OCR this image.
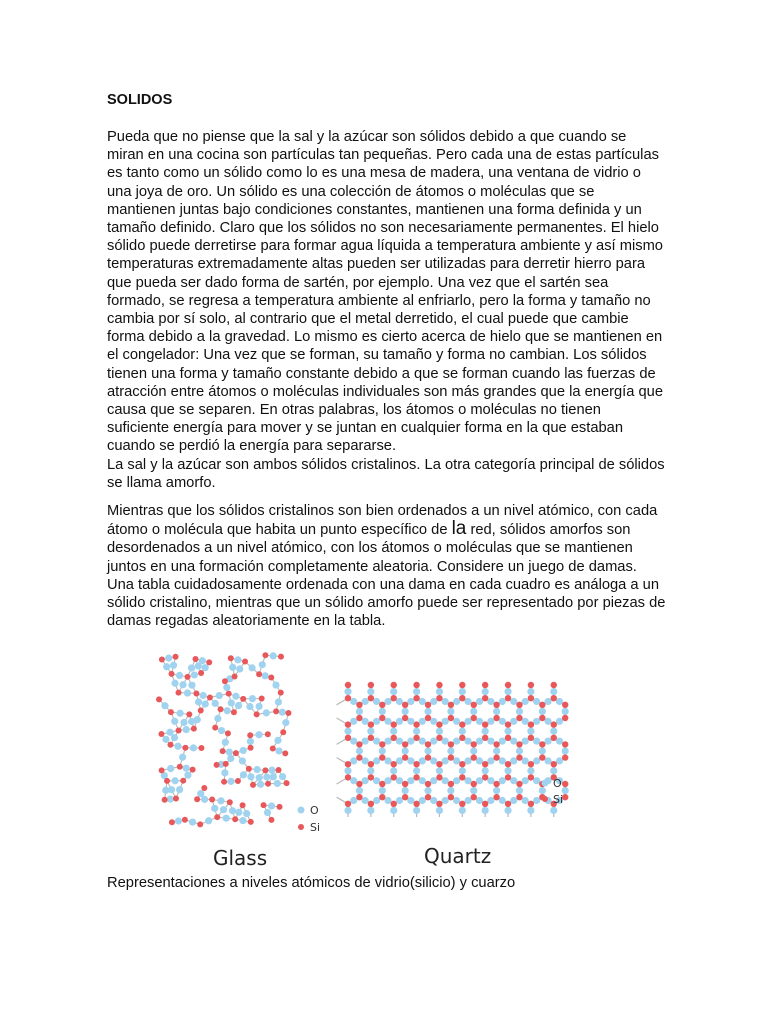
SOLIDOS

Pueda que no piense que la sal y la azúcar son sólidos debido a que cuando se miran en una cocina son partículas tan pequeñas. Pero cada una de estas partículas es tanto como un sólido como lo es una mesa de madera, una ventana de vidrio o una joya de oro. Un sólido es una colección de átomos o moléculas que se mantienen juntas bajo condiciones constantes, mantienen una forma definida y un tamaño definido. Claro que los sólidos no son necesariamente permanentes. El hielo sólido puede derretirse para formar agua líquida a temperatura ambiente y así mismo temperaturas extremadamente altas pueden ser utilizadas para derretir hierro para que pueda ser dado forma de sartén, por ejemplo. Una vez que el sartén sea formado, se regresa a temperatura ambiente al enfriarlo, pero la forma y tamaño no cambia por sí solo, al contrario que el metal derretido, el cual puede que cambie forma debido a la gravedad. Lo mismo es cierto acerca de hielo que se mantienen en el congelador: Una vez que se forman, su tamaño y forma no cambian. Los sólidos tienen una forma y tamaño constante debido a que se forman cuando las fuerzas de atracción entre átomos o moléculas individuales son más grandes que la energía que causa que se separen. En otras palabras, los átomos o moléculas no tienen suficiente energía para mover y se juntan en cualquier forma en la que estaban cuando se perdió la energía para separarse.
La sal y la azúcar son ambos sólidos cristalinos. La otra categoría principal de sólidos se llama amorfo.

Mientras que los sólidos cristalinos son bien ordenados a un nivel atómico, con cada átomo o molécula que habita un punto específico de la red, sólidos amorfos son desordenados a un nivel atómico, con los átomos o moléculas que se mantienen juntos en una formación completamente aleatoria. Considere un juego de damas. Una tabla cuidadosamente ordenada con una dama en cada cuadro es análoga a un sólido cristalino, mientras que un sólido amorfo puede ser representado por piezas de damas regadas aleatoriamente en la tabla.

O
Si
O
Si
Glass	Quartz

Representaciones a niveles atómicos de vidrio(silicio) y cuarzo
